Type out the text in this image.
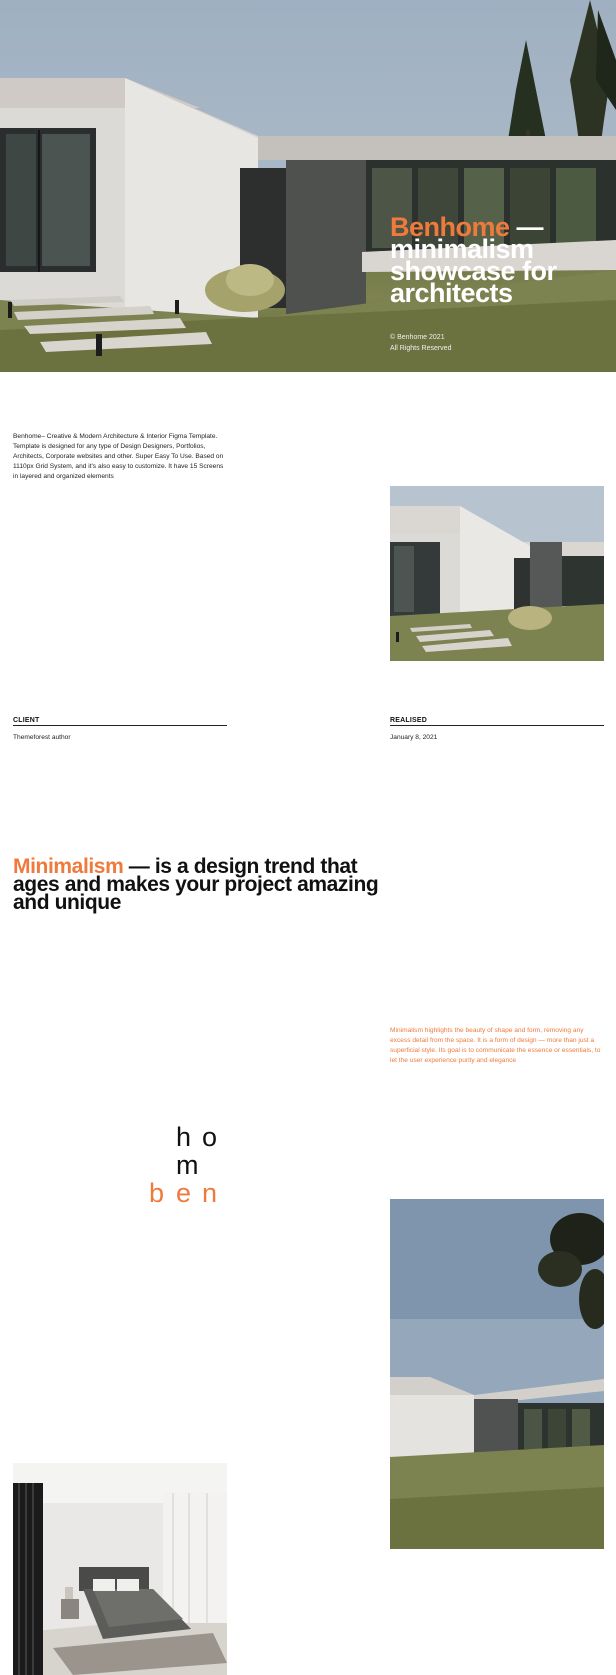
Benhome —
minimalism
showcase for
architects
© Benhome 2021
All Rights Reserved

Benhome– Creative & Modern Architecture & Interior Figma Template. Template is designed for any type of Design Designers, Portfolios, Architects, Corporate websites and other. Super Easy To Use. Based on 1110px Grid System, and it's also easy to customize. It have 15 Screens in layered and organized elements

CLIENT
Themeforest author
REALISED
January 8, 2021
Minimalism — is a design trend that ages and makes your project amazing and unique

Minimalism highlights the beauty of shape and form, removing any excess detail from the space. It is a form of design — more than just a superficial style. Its goal is to communicate the essence or essentials, to let the user experience purity and elegance

h o
m
b e n
